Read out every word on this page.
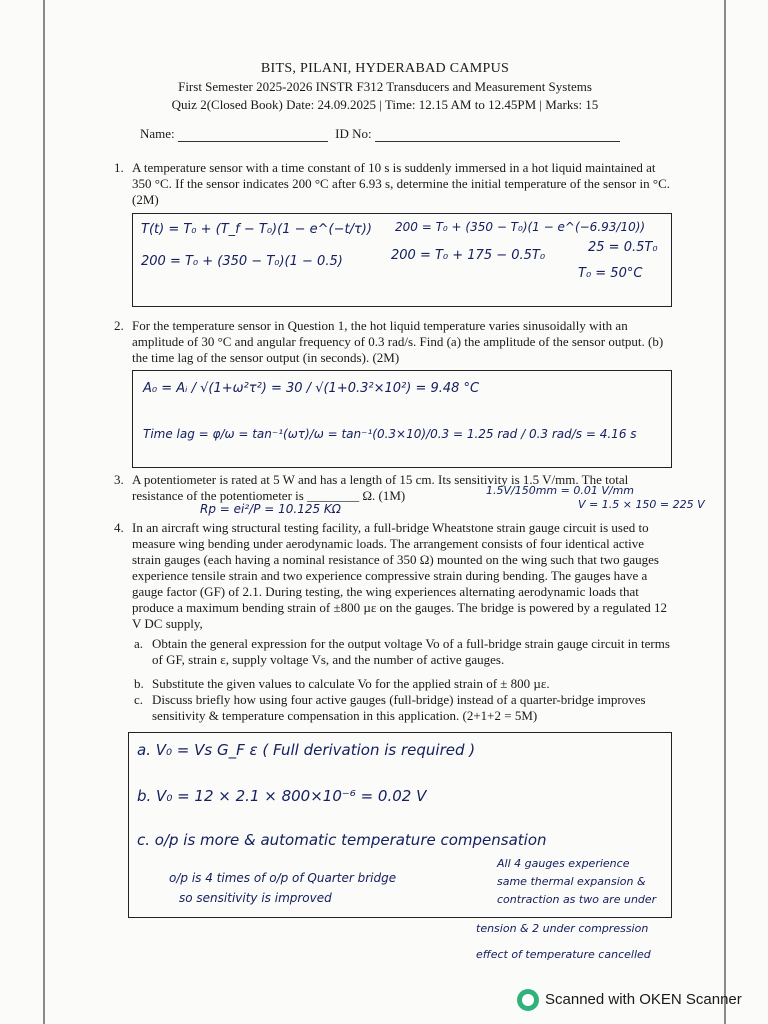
BITS, PILANI, HYDERABAD CAMPUS
First Semester 2025-2026 INSTR F312 Transducers and Measurement Systems
Quiz 2(Closed Book) Date: 24.09.2025 | Time: 12.15 AM to 12.45PM | Marks: 15
Name:	ID No:
1. A temperature sensor with a time constant of 10 s is suddenly immersed in a hot liquid maintained at 350 °C. If the sensor indicates 200 °C after 6.93 s, determine the initial temperature of the sensor in °C. (2M)
T(t) = T₀ + (T_f − T₀)(1 − e^(−t/τ))
200 = T₀ + (350 − T₀)(1 − 0.5)
200 = T₀ + (350 − T₀)(1 − e^(−6.93/10))
200 = T₀ + 175 − 0.5T₀
25 = 0.5T₀
T₀ = 50°C
2. For the temperature sensor in Question 1, the hot liquid temperature varies sinusoidally with an amplitude of 30 °C and angular frequency of 0.3 rad/s. Find (a) the amplitude of the sensor output. (b) the time lag of the sensor output (in seconds). (2M)
A₀ = Aᵢ / √(1+ω²τ²) = 30 / √(1+0.3²×10²) = 9.48 °C
Time lag = φ/ω = tan⁻¹(ωτ)/ω = tan⁻¹(0.3×10)/0.3 = 1.25 rad / 0.3 rad/s = 4.16 s
3. A potentiometer is rated at 5 W and has a length of 15 cm. Its sensitivity is 1.5 V/mm. The total
resistance of the potentiometer is ________ Ω. (1M)	1.5V/150mm = 0.01 V/mm
V = 1.5 × 150 = 225 V
Rp = ei²/P = 10.125 KΩ
4. In an aircraft wing structural testing facility, a full-bridge Wheatstone strain gauge circuit is used to measure wing bending under aerodynamic loads. The arrangement consists of four identical active strain gauges (each having a nominal resistance of 350 Ω) mounted on the wing such that two gauges experience tensile strain and two experience compressive strain during bending. The gauges have a gauge factor (GF) of 2.1. During testing, the wing experiences alternating aerodynamic loads that produce a maximum bending strain of ±800 µε on the gauges. The bridge is powered by a regulated 12 V DC supply,
a. Obtain the general expression for the output voltage Vo of a full-bridge strain gauge circuit in terms of GF, strain ε, supply voltage Vs, and the number of active gauges.
b. Substitute the given values to calculate Vo for the applied strain of ± 800 µε.
c. Discuss briefly how using four active gauges (full-bridge) instead of a quarter-bridge improves sensitivity & temperature compensation in this application. (2+1+2 = 5M)
a. V₀ = Vs G_F ε ( Full derivation is required )
b. V₀ = 12 × 2.1 × 800×10⁻⁶ = 0.02 V
c. o/p is more & automatic temperature compensation
o/p is 4 times of o/p of Quarter bridge
so sensitivity is improved
All 4 gauges experience
same thermal expansion &
contraction as two are under
tension & 2 under compression
effect of temperature cancelled
Scanned with OKEN Scanner
